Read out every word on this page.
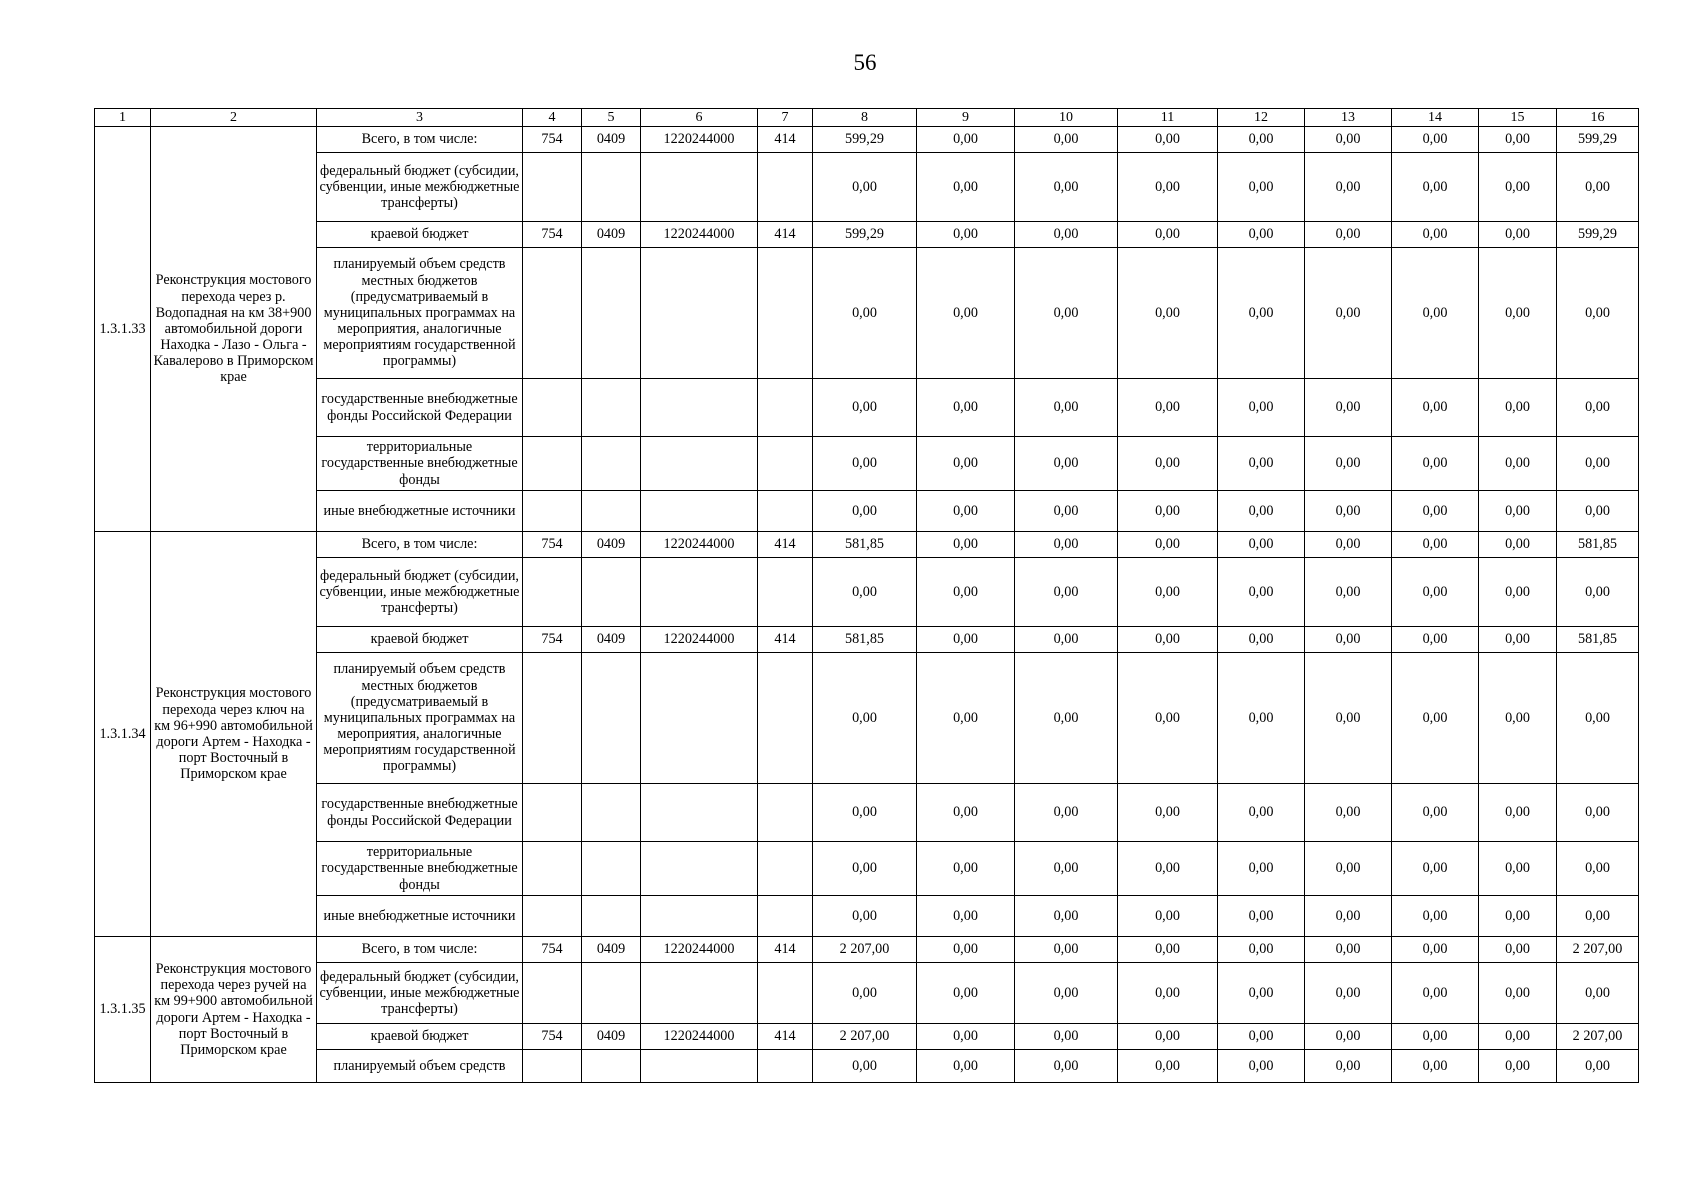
56
1	2	3	4	5	6	7	8	9	10	11	12	13	14	15	16
1.3.1.33	Реконструкция мостового перехода через р. Водопадная на км 38+900 автомобильной дороги Находка - Лазо - Ольга - Кавалерово в Приморском крае	Всего, в том числе:	754	0409	1220244000	414	599,29	0,00	0,00	0,00	0,00	0,00	0,00	0,00	599,29
		федеральный бюджет (субсидии, субвенции, иные межбюджетные трансферты)					0,00	0,00	0,00	0,00	0,00	0,00	0,00	0,00	0,00
		краевой бюджет	754	0409	1220244000	414	599,29	0,00	0,00	0,00	0,00	0,00	0,00	0,00	599,29
		планируемый объем средств местных бюджетов (предусматриваемый в муниципальных программах на мероприятия, аналогичные мероприятиям государственной программы)					0,00	0,00	0,00	0,00	0,00	0,00	0,00	0,00	0,00
		государственные внебюджетные фонды Российской Федерации					0,00	0,00	0,00	0,00	0,00	0,00	0,00	0,00	0,00
		территориальные государственные внебюджетные фонды					0,00	0,00	0,00	0,00	0,00	0,00	0,00	0,00	0,00
		иные внебюджетные источники					0,00	0,00	0,00	0,00	0,00	0,00	0,00	0,00	0,00
1.3.1.34	Реконструкция мостового перехода через ключ на км 96+990 автомобильной дороги Артем - Находка - порт Восточный в Приморском крае	Всего, в том числе:	754	0409	1220244000	414	581,85	0,00	0,00	0,00	0,00	0,00	0,00	0,00	581,85
		федеральный бюджет (субсидии, субвенции, иные межбюджетные трансферты)					0,00	0,00	0,00	0,00	0,00	0,00	0,00	0,00	0,00
		краевой бюджет	754	0409	1220244000	414	581,85	0,00	0,00	0,00	0,00	0,00	0,00	0,00	581,85
		планируемый объем средств местных бюджетов (предусматриваемый в муниципальных программах на мероприятия, аналогичные мероприятиям государственной программы)					0,00	0,00	0,00	0,00	0,00	0,00	0,00	0,00	0,00
		государственные внебюджетные фонды Российской Федерации					0,00	0,00	0,00	0,00	0,00	0,00	0,00	0,00	0,00
		территориальные государственные внебюджетные фонды					0,00	0,00	0,00	0,00	0,00	0,00	0,00	0,00	0,00
		иные внебюджетные источники					0,00	0,00	0,00	0,00	0,00	0,00	0,00	0,00	0,00
1.3.1.35	Реконструкция мостового перехода через ручей на км 99+900 автомобильной дороги Артем - Находка - порт Восточный в Приморском крае	Всего, в том числе:	754	0409	1220244000	414	2 207,00	0,00	0,00	0,00	0,00	0,00	0,00	0,00	2 207,00
		федеральный бюджет (субсидии, субвенции, иные межбюджетные трансферты)					0,00	0,00	0,00	0,00	0,00	0,00	0,00	0,00	0,00
		краевой бюджет	754	0409	1220244000	414	2 207,00	0,00	0,00	0,00	0,00	0,00	0,00	0,00	2 207,00
		планируемый объем средств					0,00	0,00	0,00	0,00	0,00	0,00	0,00	0,00	0,00
